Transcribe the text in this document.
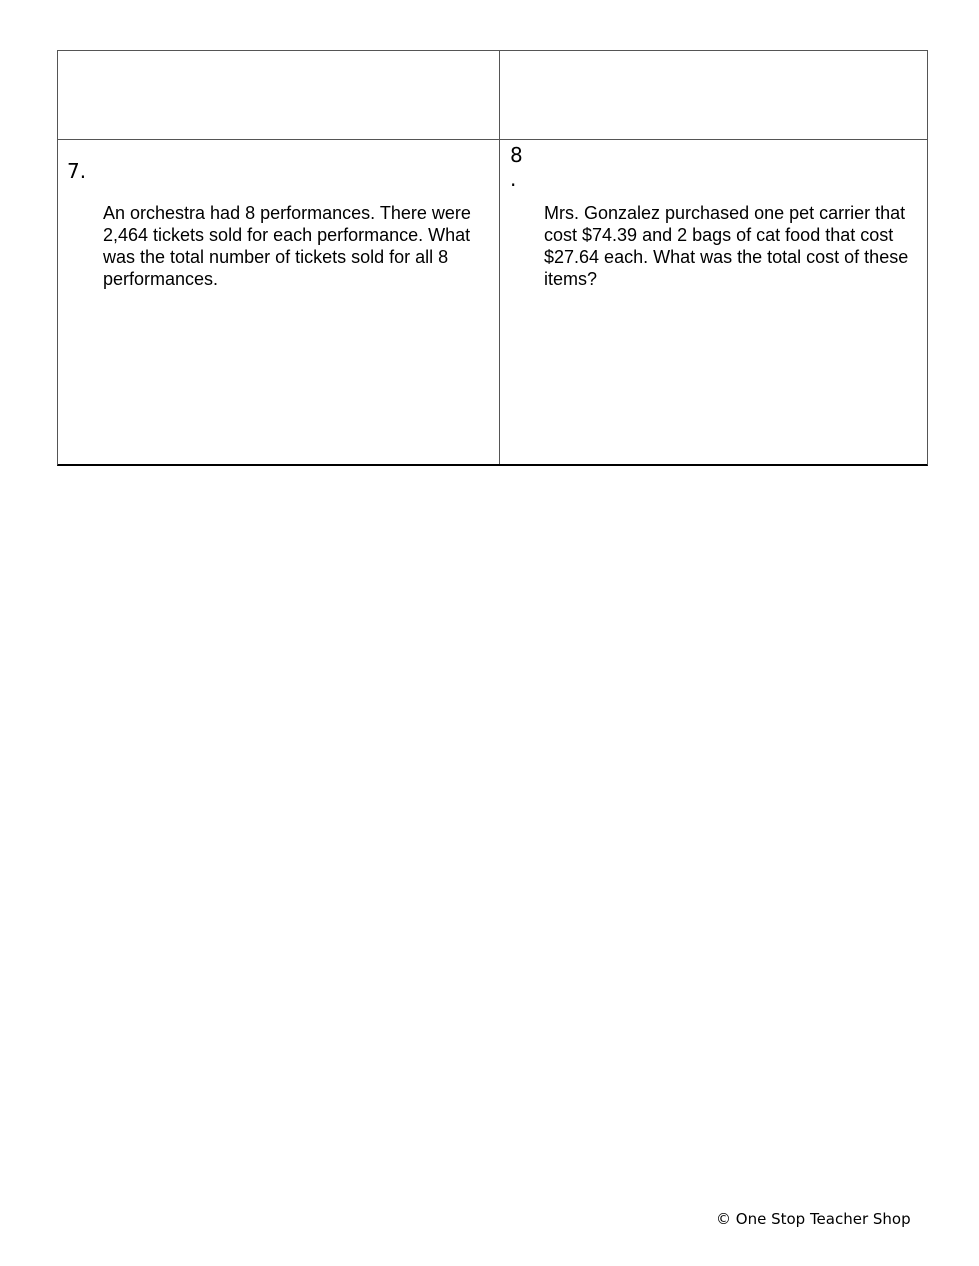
7.
An orchestra had 8 performances. There were 2,464 tickets sold for each performance. What was the total number of tickets sold for all 8 performances.
8
.
Mrs. Gonzalez purchased one pet carrier that cost $74.39 and 2 bags of cat food that cost $27.64 each. What was the total cost of these items?
© One Stop Teacher Shop
